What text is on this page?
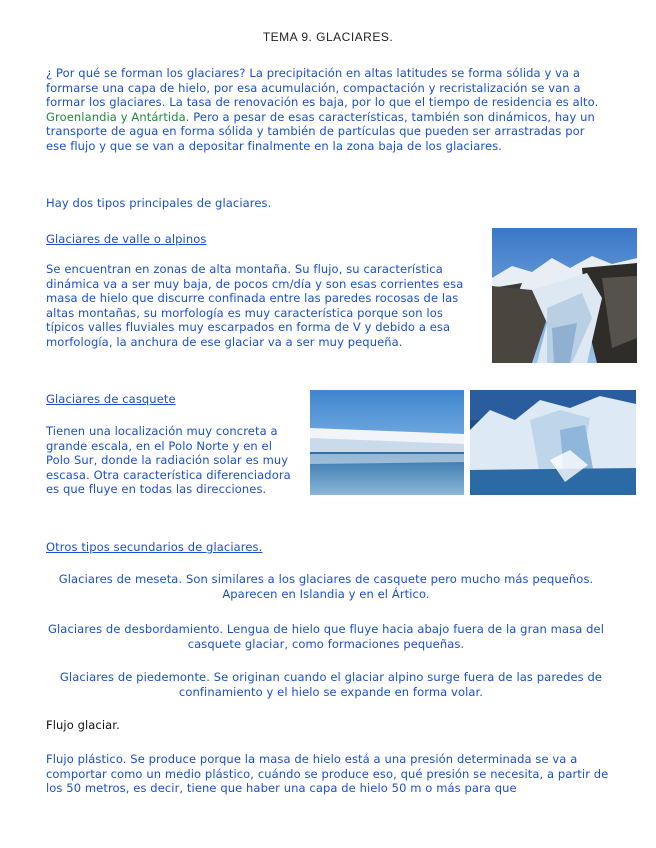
TEMA 9. GLACIARES.
¿ Por qué se forman los glaciares? La precipitación en altas latitudes se forma sólida y va a formarse una capa de hielo, por esa acumulación, compactación y recristalización se van a formar los glaciares. La tasa de renovación es baja, por lo que el tiempo de residencia es alto. Groenlandia y Antártida. Pero a pesar de esas características, también son dinámicos, hay un transporte de agua en forma sólida y también de partículas que pueden ser arrastradas por ese flujo y que se van a depositar finalmente en la zona baja de los glaciares.
Hay dos tipos principales de glaciares.
Glaciares de valle o alpinos
Se encuentran en zonas de alta montaña. Su flujo, su característica dinámica va a ser muy baja, de pocos cm/día y son esas corrientes esa masa de hielo que discurre confinada entre las paredes rocosas de las altas montañas, su morfología es muy característica porque son los típicos valles fluviales muy escarpados en forma de V y debido a esa morfología, la anchura de ese glaciar va a ser muy pequeña.
Glaciares de casquete
Tienen una localización muy concreta a grande escala, en el Polo Norte y en el Polo Sur, donde la radiación solar es muy escasa. Otra característica diferenciadora es que fluye en todas las direcciones.
Otros tipos secundarios de glaciares.
Glaciares de meseta. Son similares a los glaciares de casquete pero mucho más pequeños. Aparecen en Islandia y en el Ártico.
Glaciares de desbordamiento. Lengua de hielo que fluye hacia abajo fuera de la gran masa del casquete glaciar, como formaciones pequeñas.
Glaciares de piedemonte. Se originan cuando el glaciar alpino surge fuera de las paredes de confinamiento y el hielo se expande en forma volar.
Flujo glaciar.
Flujo plástico. Se produce porque la masa de hielo está a una presión determinada se va a comportar como un medio plástico, cuándo se produce eso, qué presión se necesita, a partir de los 50 metros, es decir, tiene que haber una capa de hielo 50 m o más para que
